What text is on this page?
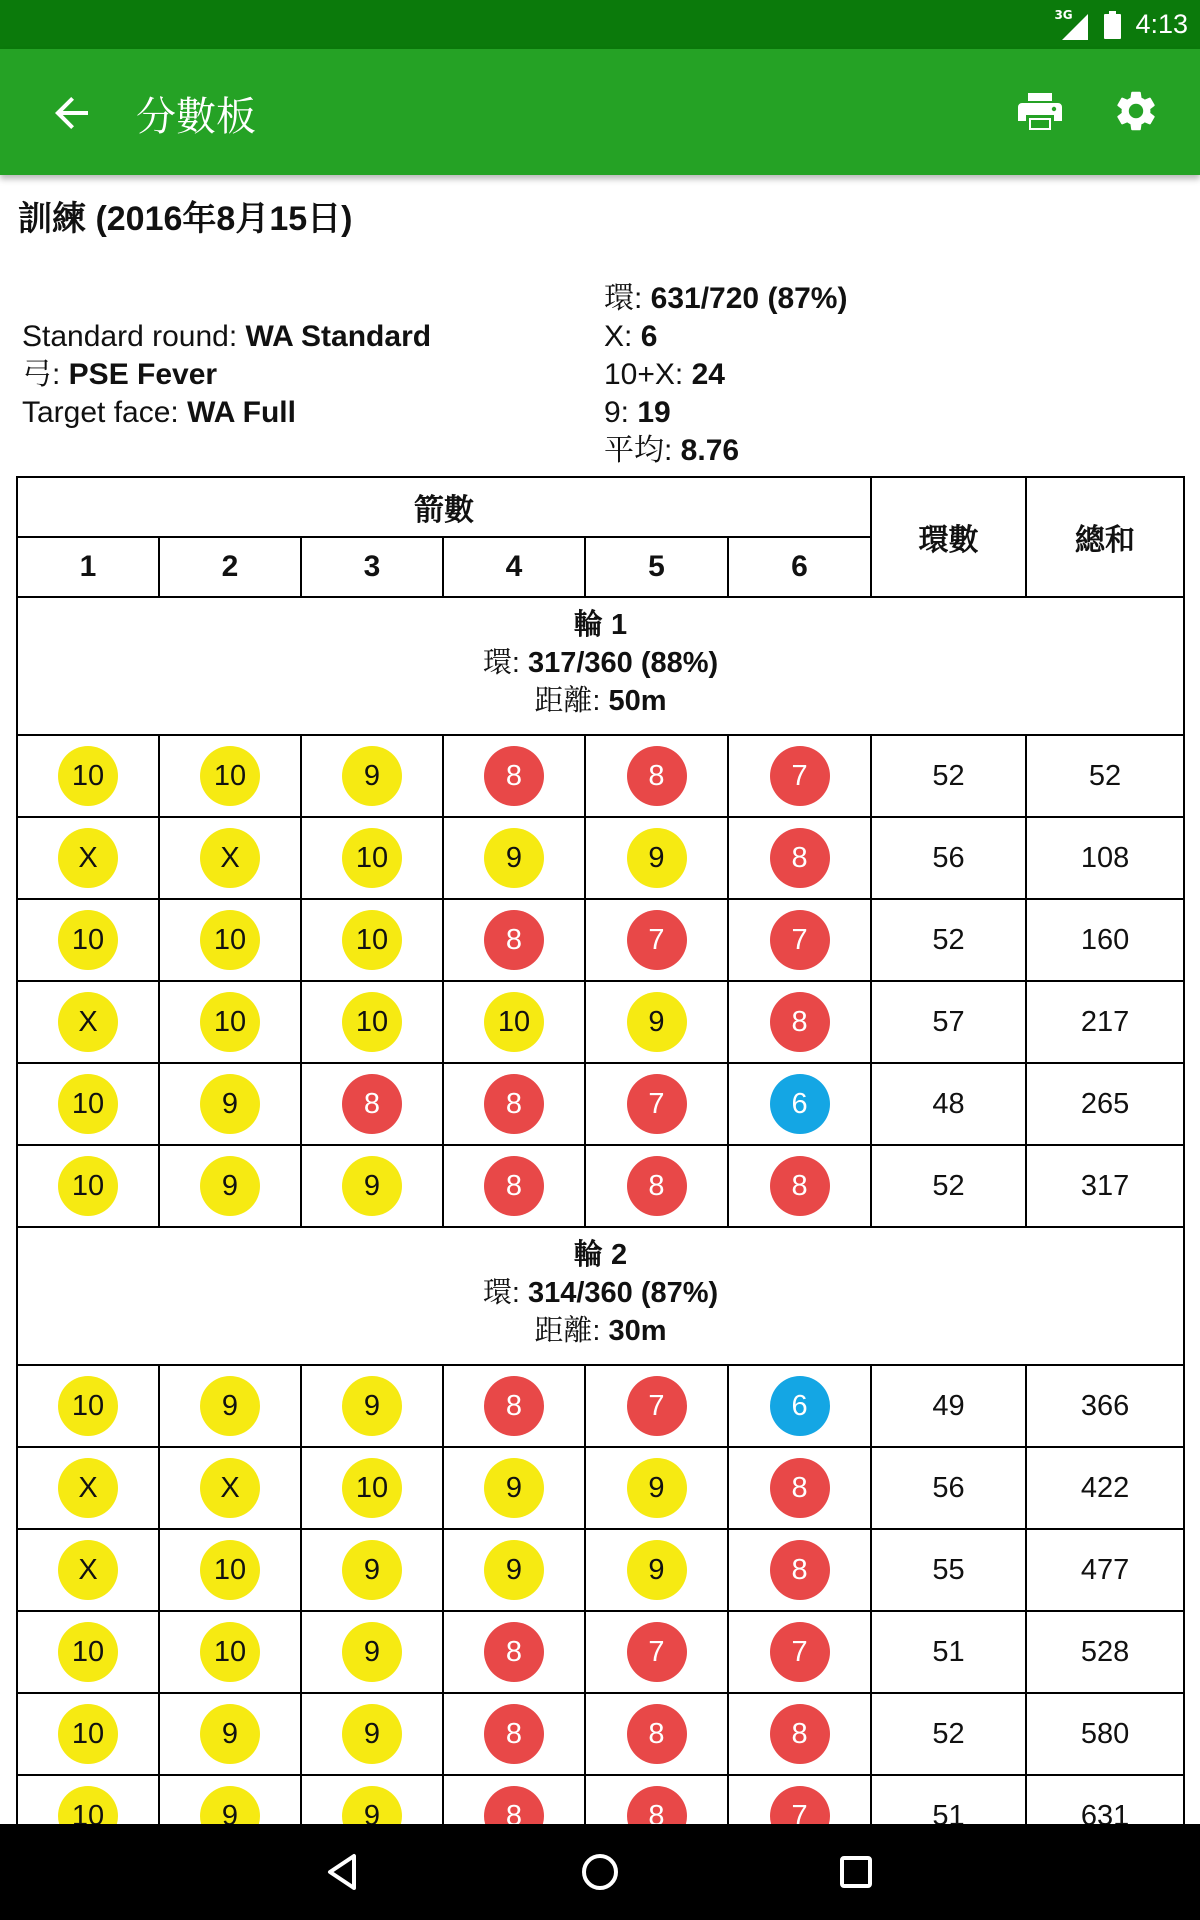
3G 4:13
分數板
訓練 (2016年8月15日)
Standard round: WA Standard
弓: PSE Fever
Target face: WA Full
環: 631/720 (87%)
X: 6
10+X: 24
9: 19
平均: 8.76
箭數						環數	總和
1	2	3	4	5	6		

輪 1
環: 317/360 (88%)
距離: 50m							

10	10	9	8	8	7	52	52
X	X	10	9	9	8	56	108
10	10	10	8	7	7	52	160
X	10	10	10	9	8	57	217
10	9	8	8	7	6	48	265
10	9	9	8	8	8	52	317

輪 2
環: 314/360 (87%)
距離: 30m							

10	9	9	8	7	6	49	366
X	X	10	9	9	8	56	422
X	10	9	9	9	8	55	477
10	10	9	8	7	7	51	528
10	9	9	8	8	8	52	580
10	9	9	8	8	7	51	631
